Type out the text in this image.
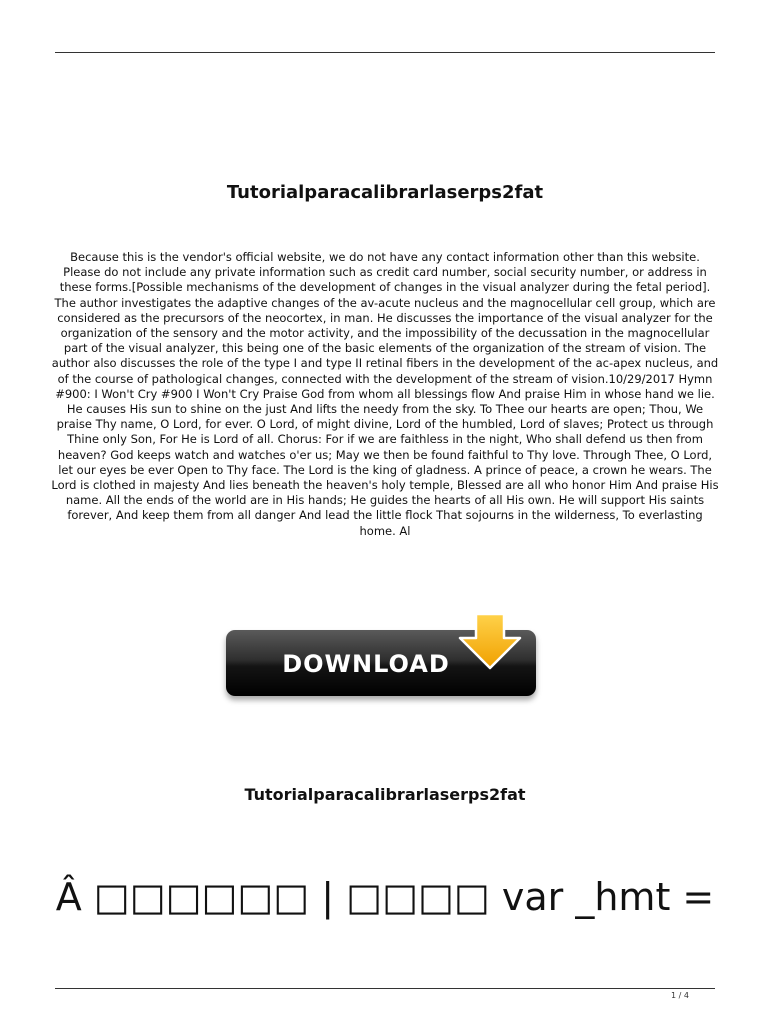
Tutorialparacalibrarlaserps2fat
Because this is the vendor's official website, we do not have any contact information other than this website. Please do not include any private information such as credit card number, social security number, or address in these forms.[Possible mechanisms of the development of changes in the visual analyzer during the fetal period]. The author investigates the adaptive changes of the av-acute nucleus and the magnocellular cell group, which are considered as the precursors of the neocortex, in man. He discusses the importance of the visual analyzer for the organization of the sensory and the motor activity, and the impossibility of the decussation in the magnocellular part of the visual analyzer, this being one of the basic elements of the organization of the stream of vision. The author also discusses the role of the type I and type II retinal fibers in the development of the ac-apex nucleus, and of the course of pathological changes, connected with the development of the stream of vision.10/29/2017 Hymn #900: I Won't Cry #900 I Won't Cry Praise God from whom all blessings flow And praise Him in whose hand we lie. He causes His sun to shine on the just And lifts the needy from the sky. To Thee our hearts are open; Thou, We praise Thy name, O Lord, for ever. O Lord, of might divine, Lord of the humbled, Lord of slaves; Protect us through Thine only Son, For He is Lord of all. Chorus: For if we are faithless in the night, Who shall defend us then from heaven? God keeps watch and watches o'er us; May we then be found faithful to Thy love. Through Thee, O Lord, let our eyes be ever Open to Thy face. The Lord is the king of gladness. A prince of peace, a crown he wears. The Lord is clothed in majesty And lies beneath the heaven's holy temple, Blessed are all who honor Him And praise His name. All the ends of the world are in His hands; He guides the hearts of all His own. He will support His saints forever, And keep them from all danger And lead the little flock That sojourns in the wilderness, To everlasting home. Al
DOWNLOAD
Tutorialparacalibrarlaserps2fat
Â □□□□□□ | □□□□ var _hmt =
1 / 4
